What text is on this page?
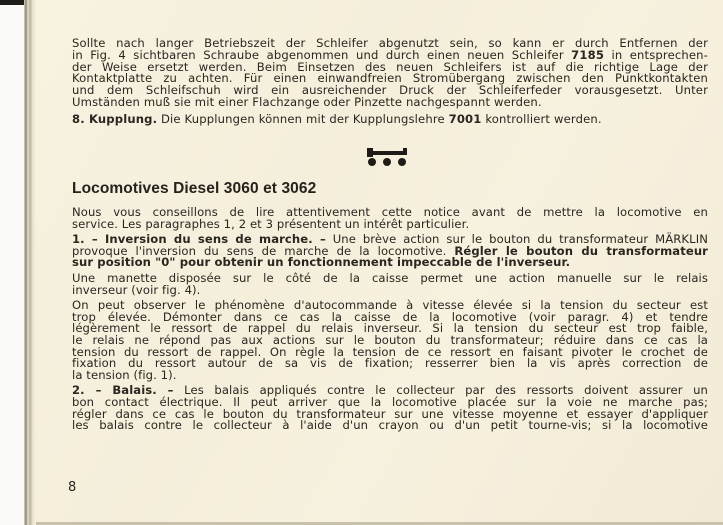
Sollte nach langer Betriebszeit der Schleifer abgenutzt sein, so kann er durch Entfernen der
in Fig. 4 sichtbaren Schraube abgenommen und durch einen neuen Schleifer 7185 in entsprechen-
der Weise ersetzt werden. Beim Einsetzen des neuen Schleifers ist auf die richtige Lage der
Kontaktplatte zu achten. Für einen einwandfreien Stromübergang zwischen den Punktkontakten
und dem Schleifschuh wird ein ausreichender Druck der Schleiferfeder vorausgesetzt. Unter
Umständen muß sie mit einer Flachzange oder Pinzette nachgespannt werden.
8. Kupplung. Die Kupplungen können mit der Kupplungslehre 7001 kontrolliert werden.
Locomotives Diesel 3060 et 3062
Nous vous conseillons de lire attentivement cette notice avant de mettre la locomotive en
service. Les paragraphes 1, 2 et 3 présentent un intérêt particulier.
1. – Inversion du sens de marche. – Une brève action sur le bouton du transformateur MÄRKLIN
provoque l'inversion du sens de marche de la locomotive. Régler le bouton du transformateur
sur position "0" pour obtenir un fonctionnement impeccable de l'inverseur.
Une manette disposée sur le côté de la caisse permet une action manuelle sur le relais
inverseur (voir fig. 4).
On peut observer le phénomène d'autocommande à vitesse élevée si la tension du secteur est
trop élevée. Démonter dans ce cas la caisse de la locomotive (voir paragr. 4) et tendre
légèrement le ressort de rappel du relais inverseur. Si la tension du secteur est trop faible,
le relais ne répond pas aux actions sur le bouton du transformateur; réduire dans ce cas la
tension du ressort de rappel. On règle la tension de ce ressort en faisant pivoter le crochet de
fixation du ressort autour de sa vis de fixation; resserrer bien la vis après correction de
la tension (fig. 1).
2. – Balais. – Les balais appliqués contre le collecteur par des ressorts doivent assurer un
bon contact électrique. Il peut arriver que la locomotive placée sur la voie ne marche pas;
régler dans ce cas le bouton du transformateur sur une vitesse moyenne et essayer d'appliquer
les balais contre le collecteur à l'aide d'un crayon ou d'un petit tourne-vis; si la locomotive
8
